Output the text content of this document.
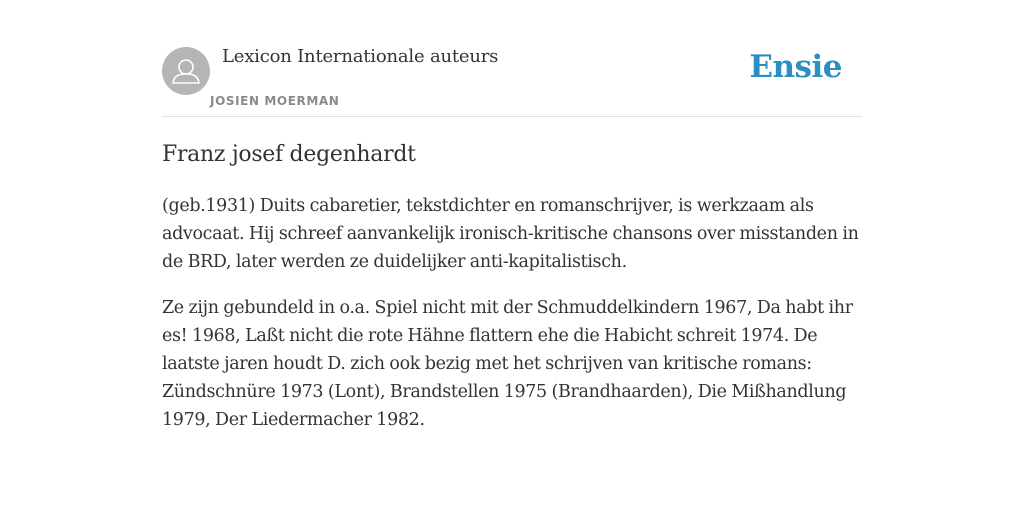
Lexicon Internationale auteurs
JOSIEN MOERMAN
Ensie
Franz josef degenhardt

(geb.1931) Duits cabaretier, tekstdichter en romanschrijver, is werkzaam als advocaat. Hij schreef aanvankelijk ironisch-kritische chansons over misstanden in de BRD, later werden ze duidelijker anti-kapitalistisch.

Ze zijn gebundeld in o.a. Spiel nicht mit der Schmuddelkindern 1967, Da habt ihr es! 1968, Laßt nicht die rote Hähne flattern ehe die Habicht schreit 1974. De laatste jaren houdt D. zich ook bezig met het schrijven van kritische romans: Zündschnüre 1973 (Lont), Brandstellen 1975 (Brandhaarden), Die Mißhandlung 1979, Der Liedermacher 1982.
